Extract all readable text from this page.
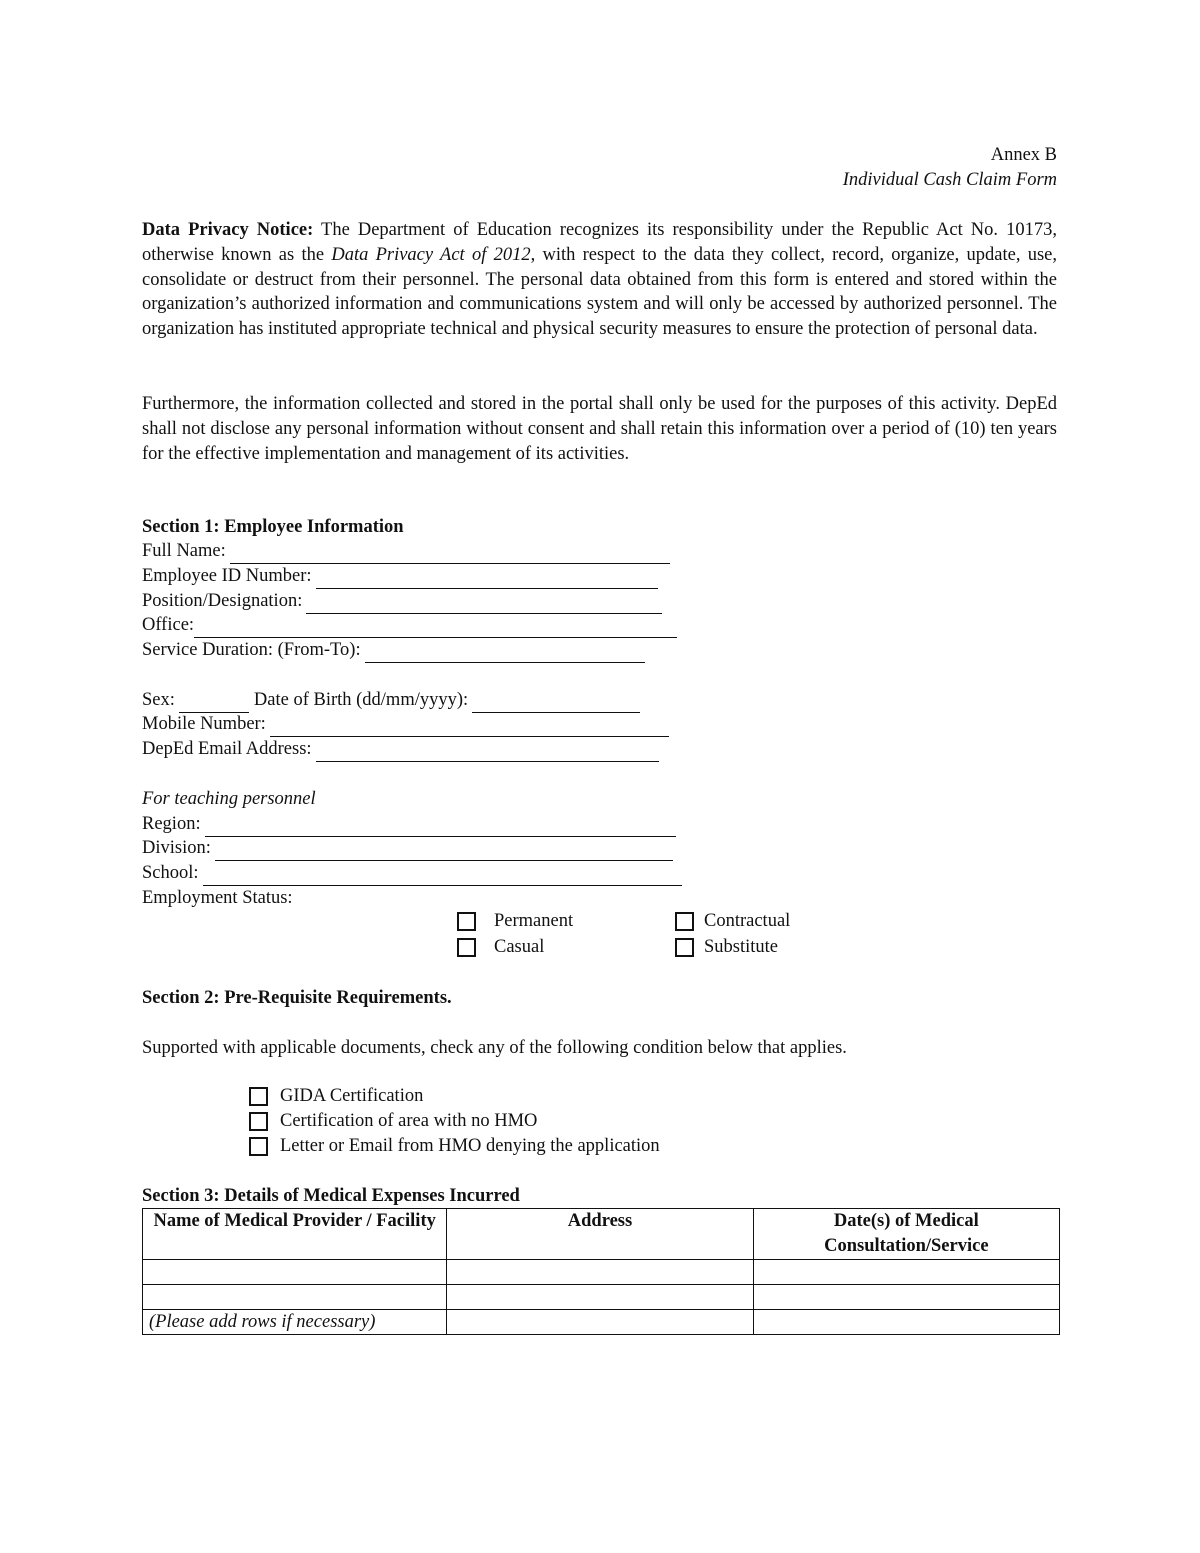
Annex B
Individual Cash Claim Form

Data Privacy Notice: The Department of Education recognizes its responsibility under the Republic Act No. 10173, otherwise known as the Data Privacy Act of 2012, with respect to the data they collect, record, organize, update, use, consolidate or destruct from their personnel. The personal data obtained from this form is entered and stored within the organization’s authorized information and communications system and will only be accessed by authorized personnel. The organization has instituted appropriate technical and physical security measures to ensure the protection of personal data.

Furthermore, the information collected and stored in the portal shall only be used for the purposes of this activity. DepEd shall not disclose any personal information without consent and shall retain this information over a period of (10) ten years for the effective implementation and management of its activities.

Section 1: Employee Information
Full Name:
Employee ID Number:
Position/Designation:
Office:
Service Duration: (From-To):
Sex:	Date of Birth (dd/mm/yyyy):
Mobile Number:
DepEd Email Address:
For teaching personnel
Region:
Division:
School:
Employment Status:
Permanent	Contractual
Casual	Substitute
Section 2: Pre-Requisite Requirements.
Supported with applicable documents, check any of the following condition below that applies.
GIDA Certification
Certification of area with no HMO
Letter or Email from HMO denying the application
Section 3: Details of Medical Expenses Incurred
Name of Medical Provider / Facility	Address	Date(s) of Medical Consultation/Service

(Please add rows if necessary)		
